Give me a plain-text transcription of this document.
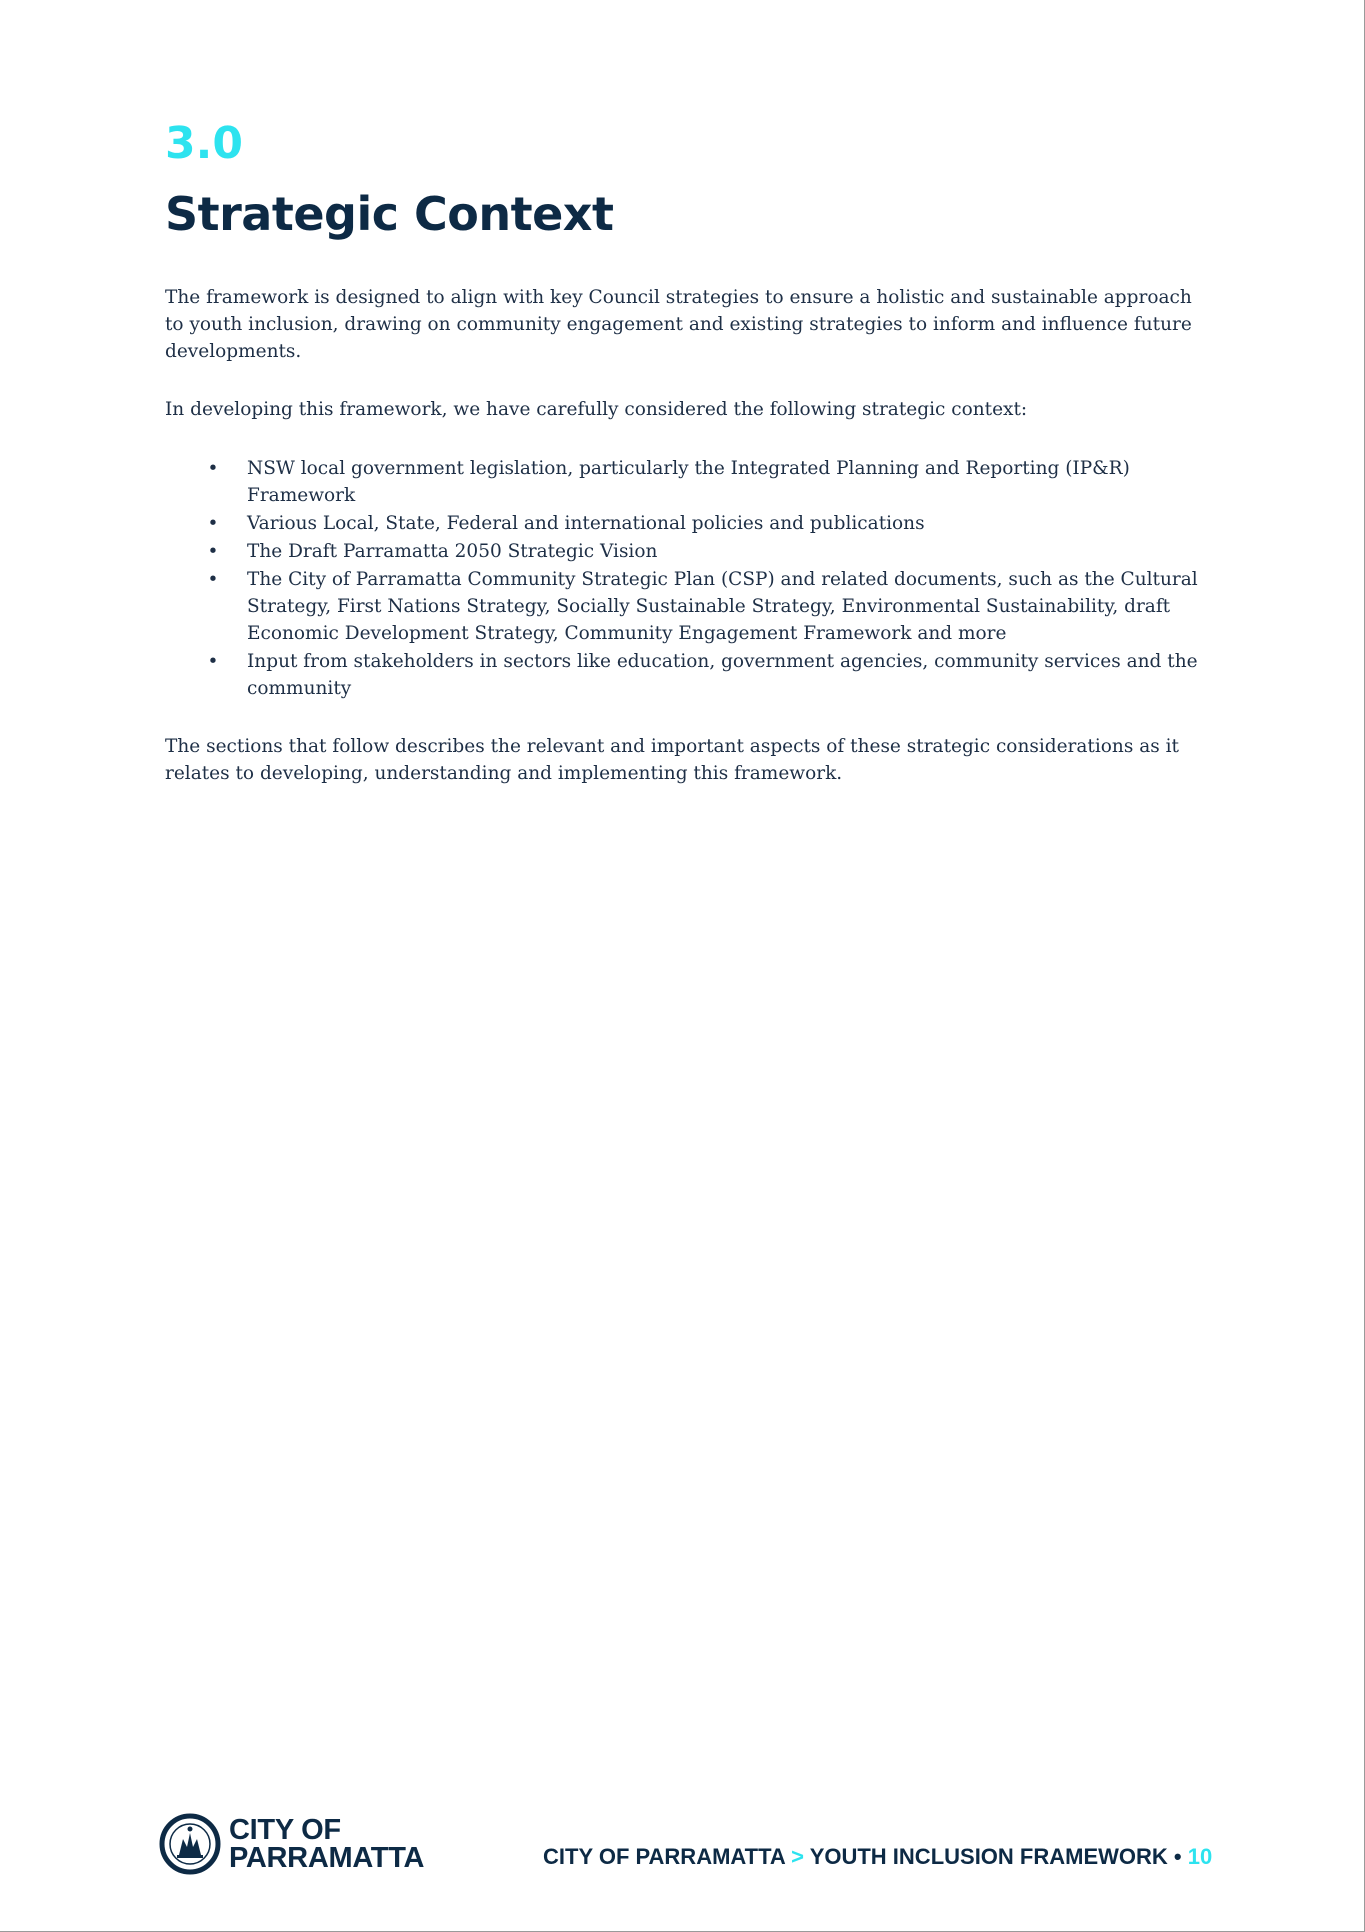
3.0
Strategic Context

The framework is designed to align with key Council strategies to ensure a holistic and sustainable approach to youth inclusion, drawing on community engagement and existing strategies to inform and influence future developments.

In developing this framework, we have carefully considered the following strategic context:

• NSW local government legislation, particularly the Integrated Planning and Reporting (IP&R) Framework
• Various Local, State, Federal and international policies and publications
• The Draft Parramatta 2050 Strategic Vision
• The City of Parramatta Community Strategic Plan (CSP) and related documents, such as the Cultural Strategy, First Nations Strategy, Socially Sustainable Strategy, Environmental Sustainability, draft Economic Development Strategy, Community Engagement Framework and more
• Input from stakeholders in sectors like education, government agencies, community services and the community

The sections that follow describes the relevant and important aspects of these strategic considerations as it relates to developing, understanding and implementing this framework.

CITY OF
PARRAMATTA	CITY OF PARRAMATTA > YOUTH INCLUSION FRAMEWORK • 10
